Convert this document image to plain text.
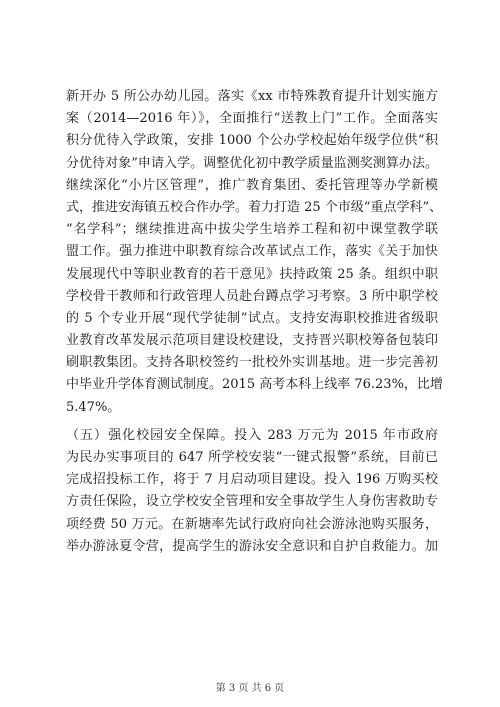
新开办 5 所公办幼儿园。落实《xx 市特殊教育提升计划实施方
案（2014—2016 年）》，全面推行“送教上门”工作。全面落实
积分优待入学政策，安排 1000 个公办学校起始年级学位供“积
分优待对象”申请入学。调整优化初中教学质量监测奖测算办法。
继续深化“小片区管理”，推广教育集团、委托管理等办学新模
式，推进安海镇五校合作办学。着力打造 25 个市级“重点学科”、
“名学科”；继续推进高中拔尖学生培养工程和初中课堂教学联
盟工作。强力推进中职教育综合改革试点工作，落实《关于加快
发展现代中等职业教育的若干意见》扶持政策 25 条。组织中职
学校骨干教师和行政管理人员赴台蹲点学习考察。3 所中职学校
的 5 个专业开展“现代学徒制”试点。支持安海职校推进省级职
业教育改革发展示范项目建设校建设，支持晋兴职校筹备包装印
刷职教集团。支持各职校签约一批校外实训基地。进一步完善初
中毕业升学体育测试制度。2015 高考本科上线率 76.23%，比增
5.47%。
（五）强化校园安全保障。投入 283 万元为 2015 年市政府
为民办实事项目的 647 所学校安装“一键式报警”系统，目前已
完成招投标工作，将于 7 月启动项目建设。投入 196 万购买校
方责任保险，设立学校安全管理和安全事故学生人身伤害救助专
项经费 50 万元。在新塘率先试行政府向社会游泳池购买服务，
举办游泳夏令营，提高学生的游泳安全意识和自护自救能力。加
第 3 页 共 6 页
